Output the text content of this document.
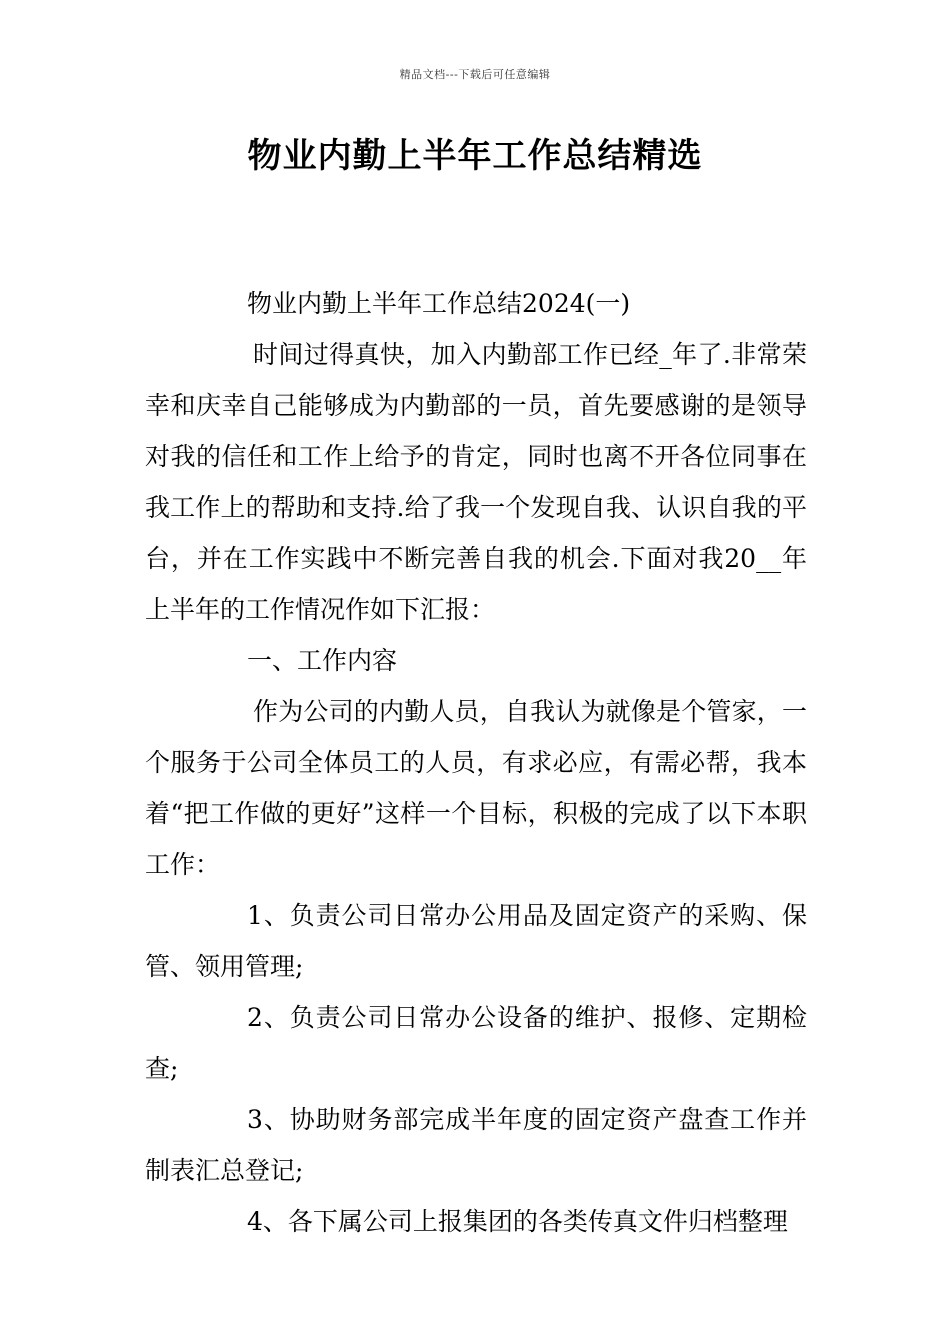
精品文档---下载后可任意编辑
物业内勤上半年工作总结精选

物业内勤上半年工作总结2024(一)

时间过得真快，加入内勤部工作已经_年了.非常荣幸和庆幸自己能够成为内勤部的一员，首先要感谢的是领导对我的信任和工作上给予的肯定，同时也离不开各位同事在我工作上的帮助和支持.给了我一个发现自我、认识自我的平台，并在工作实践中不断完善自我的机会.下面对我20__年上半年的工作情况作如下汇报：

一、工作内容

作为公司的内勤人员，自我认为就像是个管家，一个服务于公司全体员工的人员，有求必应，有需必帮，我本着“把工作做的更好”这样一个目标，积极的完成了以下本职工作：

1、负责公司日常办公用品及固定资产的采购、保管、领用管理;

2、负责公司日常办公设备的维护、报修、定期检查;

3、协助财务部完成半年度的固定资产盘查工作并制表汇总登记;

4、各下属公司上报集团的各类传真文件归档整理
